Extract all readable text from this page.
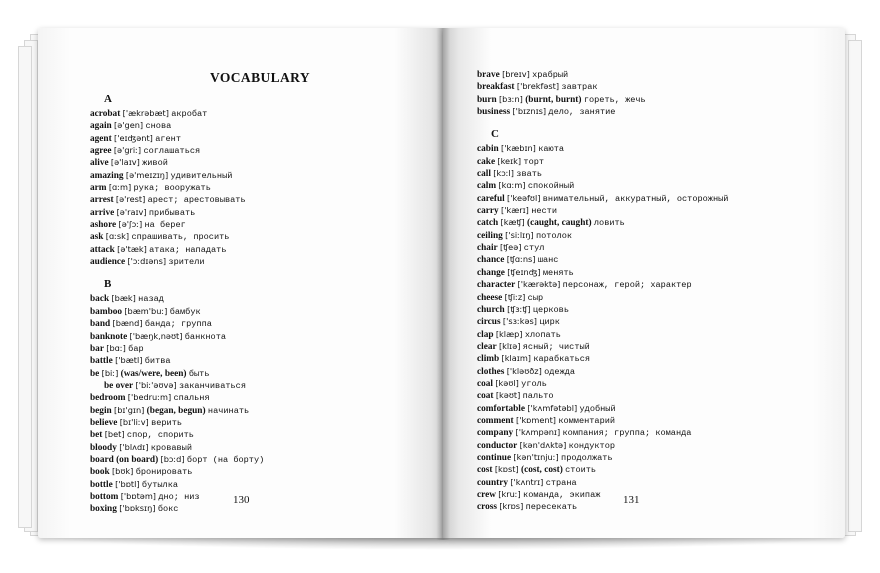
VOCABULARY
A
acrobat ['ækrəbæt] акробат
again [ə'gen] снова
agent ['eɪʤənt] агент
agree [ə'griː] соглашаться
alive [ə'laɪv] живой
amazing [ə'meɪzɪŋ] удивительный
arm [ɑːm] рука; вооружать
arrest [ə'rest] арест; арестовывать
arrive [ə'raɪv] прибывать
ashore [ə'ʃɔː] на берег
ask [ɑːsk] спрашивать, просить
attack [ə'tæk] атака; нападать
audience ['ɔːdɪəns] зрители
B
back [bæk] назад
bamboo [bæm'buː] бамбук
band [bænd] банда; группа
banknote ['bæŋk,nəʊt] банкнота
bar [bɑː] бар
battle ['bætl] битва
be [biː] (was/were, been) быть
be over ['biː'əʊvə] заканчиваться
bedroom ['bedruːm] спальня
begin [bɪ'gɪn] (began, begun) начинать
believe [bɪ'liːv] верить
bet [bet] спор, спорить
bloody ['blʌdɪ] кровавый
board (on board) [bɔːd] борт (на борту)
book [bʊk] бронировать
bottle ['bɒtl] бутылка
bottom ['bɒtəm] дно; низ
boxing ['bɒksɪŋ] бокс
130
brave [breɪv] храбрый
breakfast ['brekfəst] завтрак
burn [bɜːn] (burnt, burnt) гореть, жечь
business ['bɪznɪs] дело, занятие
C
cabin ['kæbɪn] каюта
cake [keɪk] торт
call [kɔːl] звать
calm [kɑːm] спокойный
careful ['keəfʊl] внимательный, аккуратный, осторожный
carry ['kærɪ] нести
catch [kæʧ] (caught, caught) ловить
ceiling ['siːlɪŋ] потолок
chair [ʧeə] стул
chance [ʧɑːns] шанс
change [ʧeɪnʤ] менять
character ['kærəktə] персонаж, герой; характер
cheese [ʧiːz] сыр
church [ʧɜːʧ] церковь
circus ['sɜːkəs] цирк
clap [klæp] хлопать
clear [klɪə] ясный; чистый
climb [klaɪm] карабкаться
clothes ['kləʊðz] одежда
coal [kəʊl] уголь
coat [kəʊt] пальто
comfortable ['kʌmfətəbl] удобный
comment ['kɒment] комментарий
company ['kʌmpənɪ] компания; группа; команда
conductor [kən'dʌktə] кондуктор
continue [kən'tɪnjuː] продолжать
cost [kɒst] (cost, cost) стоить
country ['kʌntrɪ] страна
crew [kruː] команда, экипаж
cross [krɒs] пересекать
131
